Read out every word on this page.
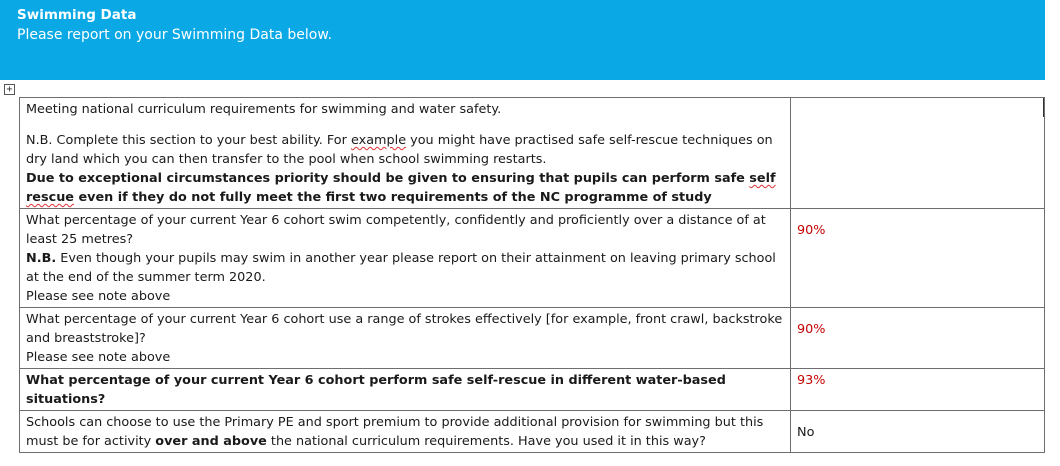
Swimming Data
Please report on your Swimming Data below.
+
Meeting national curriculum requirements for swimming and water safety.
N.B. Complete this section to your best ability. For example you might have practised safe self-rescue techniques on dry land which you can then transfer to the pool when school swimming restarts.
Due to exceptional circumstances priority should be given to ensuring that pupils can perform safe self rescue even if they do not fully meet the first two requirements of the NC programme of study	

What percentage of your current Year 6 cohort swim competently, confidently and proficiently over a distance of at least 25 metres?
N.B. Even though your pupils may swim in another year please report on their attainment on leaving primary school at the end of the summer term 2020.
Please see note above	90%

What percentage of your current Year 6 cohort use a range of strokes effectively [for example, front crawl, backstroke and breaststroke]?
Please see note above	90%
What percentage of your current Year 6 cohort perform safe self-rescue in different water-based situations?	93%
Schools can choose to use the Primary PE and sport premium to provide additional provision for swimming but this must be for activity over and above the national curriculum requirements. Have you used it in this way?	No
